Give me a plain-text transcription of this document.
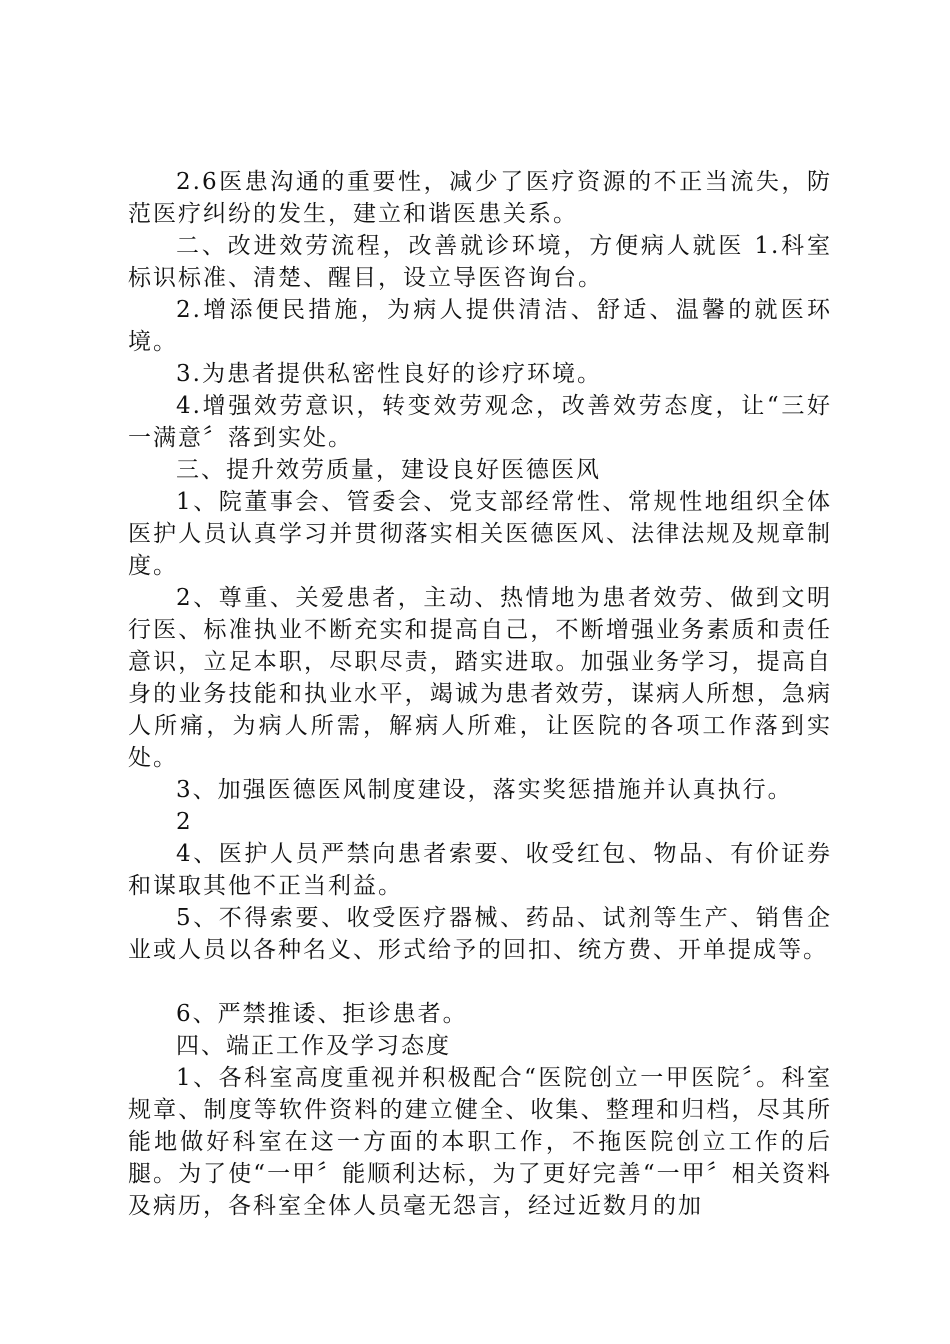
2.6医患沟通的重要性，减少了医疗资源的不正当流失，防范医疗纠纷的发生，建立和谐医患关系。

二、改进效劳流程，改善就诊环境，方便病人就医 1.科室标识标准、清楚、醒目，设立导医咨询台。

2.增添便民措施，为病人提供清洁、舒适、温馨的就医环境。

3.为患者提供私密性良好的诊疗环境。

4.增强效劳意识，转变效劳观念，改善效劳态度，让“三好一满意〞落到实处。

三、提升效劳质量，建设良好医德医风

1、院董事会、管委会、党支部经常性、常规性地组织全体医护人员认真学习并贯彻落实相关医德医风、法律法规及规章制度。

2、尊重、关爱患者，主动、热情地为患者效劳、做到文明行医、标准执业不断充实和提高自己，不断增强业务素质和责任意识，立足本职，尽职尽责，踏实进取。加强业务学习，提高自身的业务技能和执业水平，竭诚为患者效劳，谋病人所想，急病人所痛，为病人所需，解病人所难，让医院的各项工作落到实处。

3、加强医德医风制度建设，落实奖惩措施并认真执行。

2

4、医护人员严禁向患者索要、收受红包、物品、有价证券和谋取其他不正当利益。

5、不得索要、收受医疗器械、药品、试剂等生产、销售企业或人员以各种名义、形式给予的回扣、统方费、开单提成等。

6、严禁推诿、拒诊患者。

四、端正工作及学习态度

1、各科室高度重视并积极配合“医院创立一甲医院〞。科室规章、制度等软件资料的建立健全、收集、整理和归档，尽其所能地做好科室在这一方面的本职工作，不拖医院创立工作的后腿。为了使“一甲〞能顺利达标，为了更好完善“一甲〞相关资料及病历，各科室全体人员毫无怨言，经过近数月的加
